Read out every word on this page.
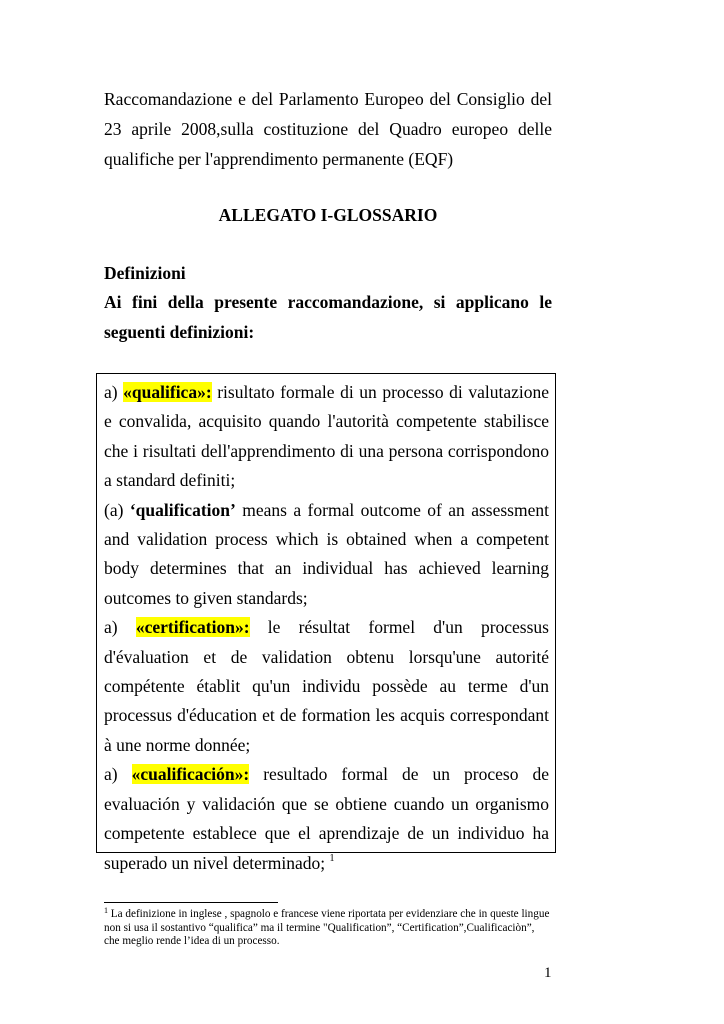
Raccomandazione e del Parlamento Europeo del Consiglio del 23 aprile 2008,sulla costituzione del Quadro europeo delle qualifiche per l'apprendimento permanente (EQF)

ALLEGATO I-GLOSSARIO

Definizioni

Ai fini della presente raccomandazione, si applicano le seguenti definizioni:

a) «qualifica»: risultato formale di un processo di valutazione e convalida, acquisito quando l'autorità competente stabilisce che i risultati dell'apprendimento di una persona corrispondono a standard definiti;

(a) ‘qualification’ means a formal outcome of an assessment and validation process which is obtained when a competent body determines that an individual has achieved learning outcomes to given standards;

a) «certification»: le résultat formel d'un processus d'évaluation et de validation obtenu lorsqu'une autorité compétente établit qu'un individu possède au terme d'un processus d'éducation et de formation les acquis correspondant à une norme donnée;

a) «cualificación»: resultado formal de un proceso de evaluación y validación que se obtiene cuando un organismo competente establece que el aprendizaje de un individuo ha superado un nivel determinado; $^1$

$^1$ La definizione in inglese , spagnolo e francese viene riportata per evidenziare che in queste lingue non si usa il sostantivo “qualifica” ma il termine "Qualification”, “Certification”,Cualificaciòn”, che meglio rende l’idea di un processo.

1
